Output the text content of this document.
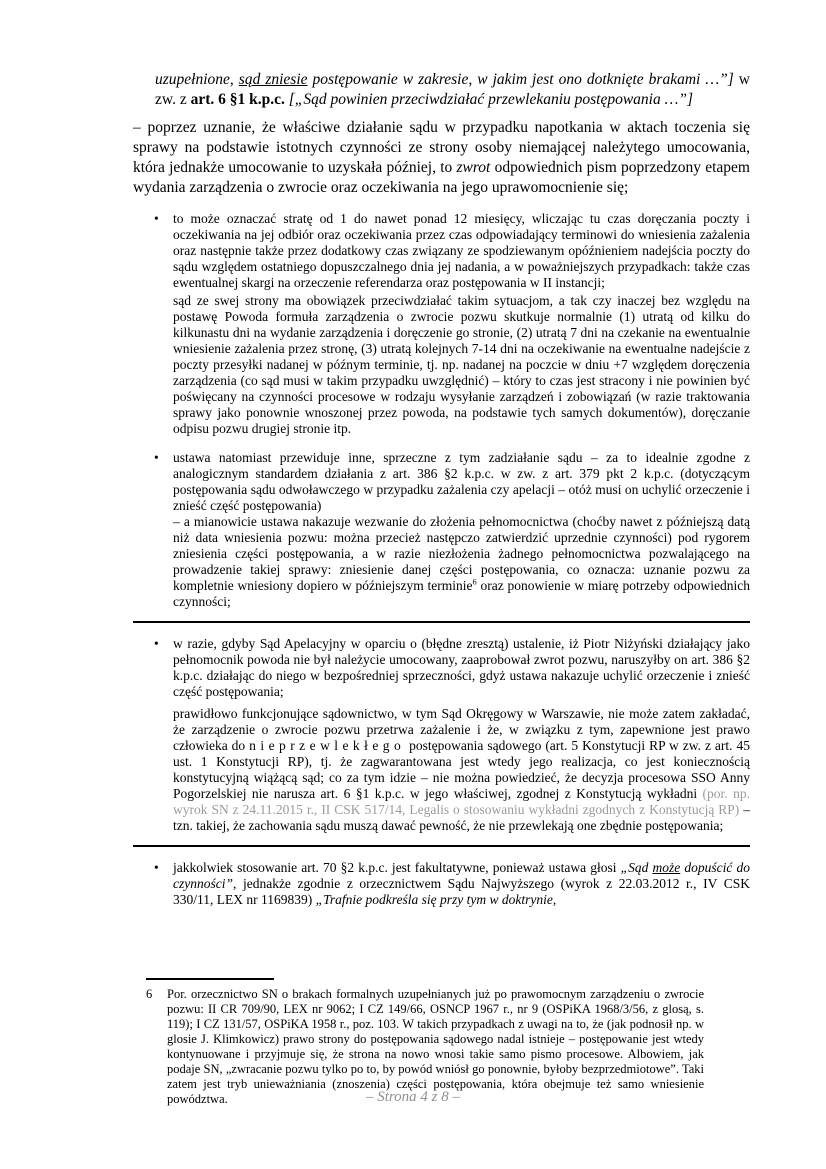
uzupełnione, sąd zniesie postępowanie w zakresie, w jakim jest ono dotknięte brakami …”] w zw. z art. 6 §1 k.p.c. [„Sąd powinien przeciwdziałać przewlekaniu postępowania …”]
– poprzez uznanie, że właściwe działanie sądu w przypadku napotkania w aktach toczenia się sprawy na podstawie istotnych czynności ze strony osoby niemającej należytego umocowania, która jednakże umocowanie to uzyskała później, to zwrot odpowiednich pism poprzedzony etapem wydania zarządzenia o zwrocie oraz oczekiwania na jego uprawomocnienie się;
•	to może oznaczać stratę od 1 do nawet ponad 12 miesięcy, wliczając tu czas doręczania poczty i oczekiwania na jej odbiór oraz oczekiwania przez czas odpowiadający terminowi do wniesienia zażalenia oraz następnie także przez dodatkowy czas związany ze spodziewanym opóźnieniem nadejścia poczty do sądu względem ostatniego dopuszczalnego dnia jej nadania, a w poważniejszych przypadkach: także czas ewentualnej skargi na orzeczenie referendarza oraz postępowania w II instancji;

sąd ze swej strony ma obowiązek przeciwdziałać takim sytuacjom, a tak czy inaczej bez względu na postawę Powoda formuła zarządzenia o zwrocie pozwu skutkuje normalnie (1) utratą od kilku do kilkunastu dni na wydanie zarządzenia i doręczenie go stronie, (2) utratą 7 dni na czekanie na ewentualnie wniesienie zażalenia przez stronę, (3) utratą kolejnych 7-14 dni na oczekiwanie na ewentualne nadejście z poczty przesyłki nadanej w późnym terminie, tj. np. nadanej na poczcie w dniu +7 względem doręczenia zarządzenia (co sąd musi w takim przypadku uwzględnić) – który to czas jest stracony i nie powinien być poświęcany na czynności procesowe w rodzaju wysyłanie zarządzeń i zobowiązań (w razie traktowania sprawy jako ponownie wnoszonej przez powoda, na podstawie tych samych dokumentów), doręczanie odpisu pozwu drugiej stronie itp.

•	ustawa natomiast przewiduje inne, sprzeczne z tym zadziałanie sądu – za to idealnie zgodne z analogicznym standardem działania z art. 386 §2 k.p.c. w zw. z art. 379 pkt 2 k.p.c. (dotyczącym postępowania sądu odwoławczego w przypadku zażalenia czy apelacji – otóż musi on uchylić orzeczenie i znieść część postępowania)

– a mianowicie ustawa nakazuje wezwanie do złożenia pełnomocnictwa (choćby nawet z późniejszą datą niż data wniesienia pozwu: można przecież następczo zatwierdzić uprzednie czynności) pod rygorem zniesienia części postępowania, a w razie niezłożenia żadnego pełnomocnictwa pozwalającego na prowadzenie takiej sprawy: zniesienie danej części postępowania, co oznacza: uznanie pozwu za kompletnie wniesiony dopiero w późniejszym terminie$^6$ oraz ponowienie w miarę potrzeby odpowiednich czynności;

•	w razie, gdyby Sąd Apelacyjny w oparciu o (błędne zresztą) ustalenie, iż Piotr Niżyński działający jako pełnomocnik powoda nie był należycie umocowany, zaaprobował zwrot pozwu, naruszyłby on art. 386 §2 k.p.c. działając do niego w bezpośredniej sprzeczności, gdyż ustawa nakazuje uchylić orzeczenie i znieść część postępowania;

prawidłowo funkcjonujące sądownictwo, w tym Sąd Okręgowy w Warszawie, nie może zatem zakładać, że zarządzenie o zwrocie pozwu przetrwa zażalenie i że, w związku z tym, zapewnione jest prawo człowieka do nieprzewlekłego postępowania sądowego (art. 5 Konstytucji RP w zw. z art. 45 ust. 1 Konstytucji RP), tj. że zagwarantowana jest wtedy jego realizacja, co jest koniecznością konstytucyjną wiążącą sąd; co za tym idzie – nie można powiedzieć, że decyzja procesowa SSO Anny Pogorzelskiej nie narusza art. 6 §1 k.p.c. w jego właściwej, zgodnej z Konstytucją wykładni (por. np. wyrok SN z 24.11.2015 r., II CSK 517/14, Legalis o stosowaniu wykładni zgodnych z Konstytucją RP) – tzn. takiej, że zachowania sądu muszą dawać pewność, że nie przewlekają one zbędnie postępowania;

•	jakkolwiek stosowanie art. 70 §2 k.p.c. jest fakultatywne, ponieważ ustawa głosi „Sąd może dopuścić do czynności”, jednakże zgodnie z orzecznictwem Sądu Najwyższego (wyrok z 22.03.2012 r., IV CSK 330/11, LEX nr 1169839) „Trafnie podkreśla się przy tym w doktrynie,

6	Por. orzecznictwo SN o brakach formalnych uzupełnianych już po prawomocnym zarządzeniu o zwrocie pozwu: II CR 709/90, LEX nr 9062; I CZ 149/66, OSNCP 1967 r., nr 9 (OSPiKA 1968/3/56, z glosą, s. 119); I CZ 131/57, OSPiKA 1958 r., poz. 103. W takich przypadkach z uwagi na to, że (jak podnosił np. w glosie J. Klimkowicz) prawo strony do postępowania sądowego nadal istnieje – postępowanie jest wtedy kontynuowane i przyjmuje się, że strona na nowo wnosi takie samo pismo procesowe. Albowiem, jak podaje SN, „zwracanie pozwu tylko po to, by powód wniósł go ponownie, byłoby bezprzedmiotowe”. Taki zatem jest tryb unieważniania (znoszenia) części postępowania, która obejmuje też samo wniesienie powództwa.	– Strona 4 z 8 –
